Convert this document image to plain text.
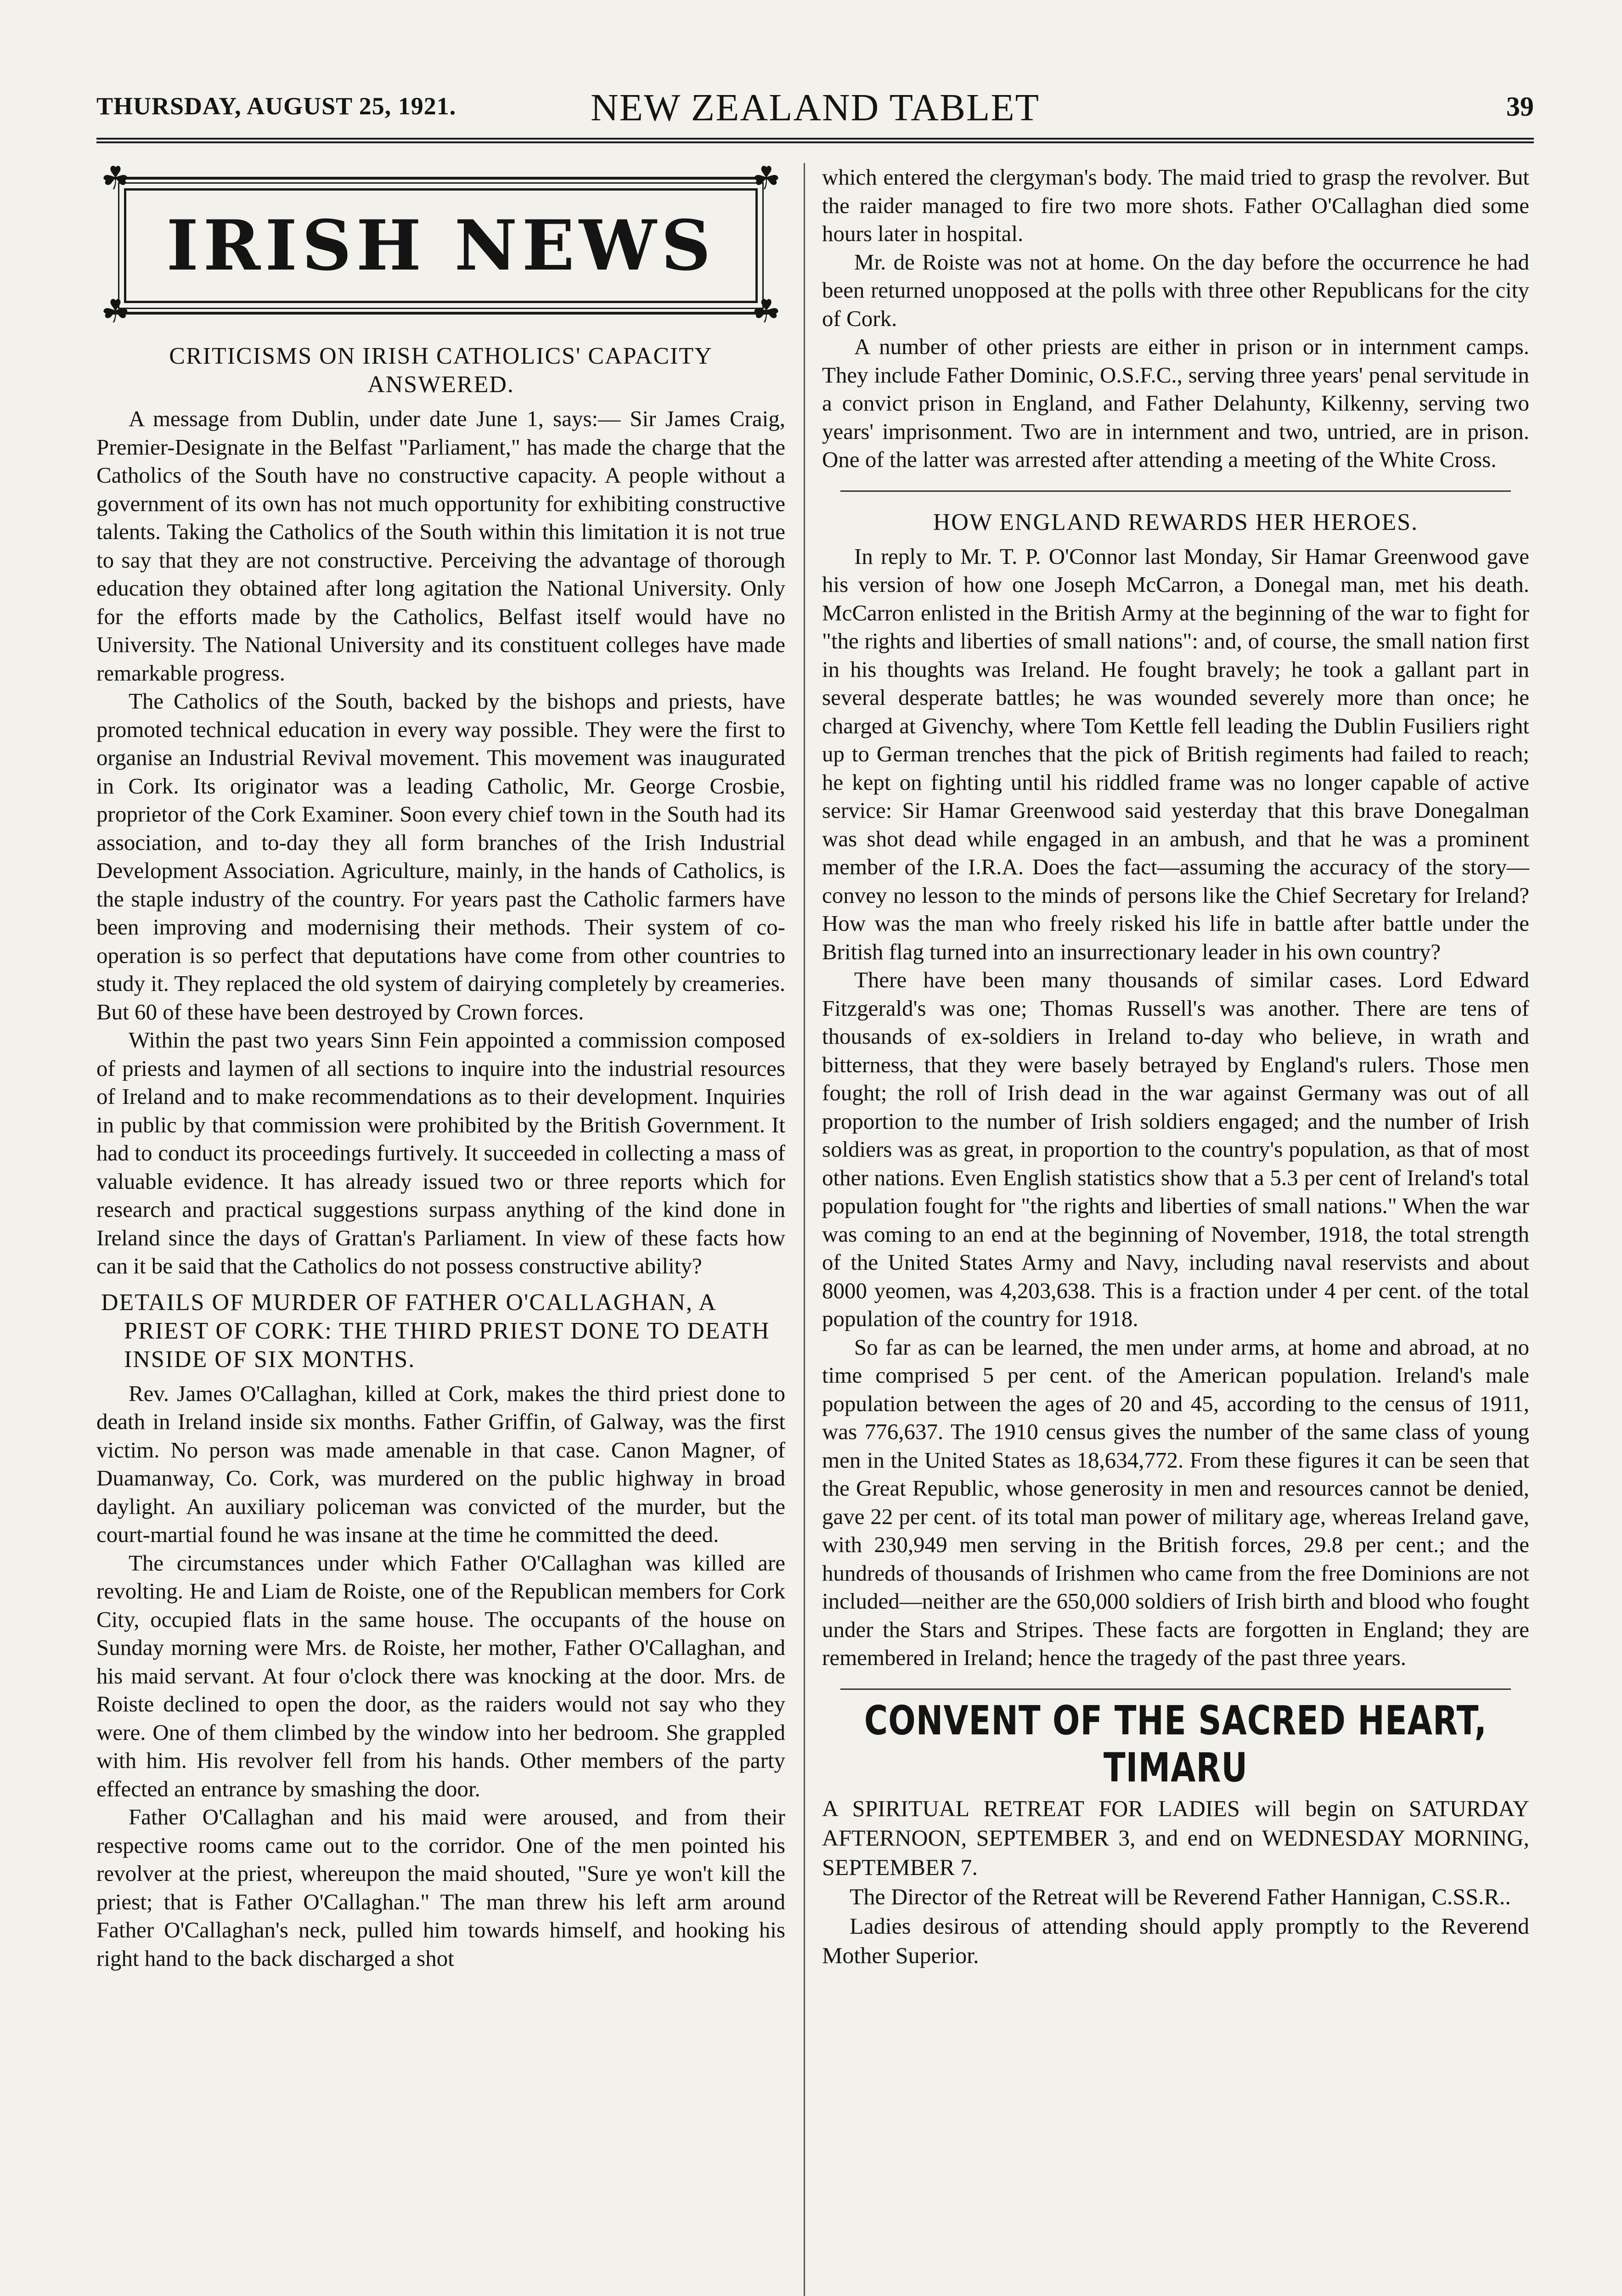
THURSDAY, AUGUST 25, 1921.	NEW ZEALAND TABLET	39
☘	☘
☘	☘
IRISH NEWS
CRITICISMS ON IRISH CATHOLICS' CAPACITY ANSWERED.

A message from Dublin, under date June 1, says:— Sir James Craig, Premier-Designate in the Belfast "Parliament," has made the charge that the Catholics of the South have no constructive capacity. A people without a government of its own has not much opportunity for exhibiting constructive talents. Taking the Catholics of the South within this limitation it is not true to say that they are not constructive. Perceiving the advantage of thorough education they obtained after long agitation the National University. Only for the efforts made by the Catholics, Belfast itself would have no University. The National University and its constituent colleges have made remarkable progress.

The Catholics of the South, backed by the bishops and priests, have promoted technical education in every way possible. They were the first to organise an Industrial Revival movement. This movement was inaugurated in Cork. Its originator was a leading Catholic, Mr. George Crosbie, proprietor of the Cork Examiner. Soon every chief town in the South had its association, and to-day they all form branches of the Irish Industrial Development Association. Agriculture, mainly, in the hands of Catholics, is the staple industry of the country. For years past the Catholic farmers have been improving and modernising their methods. Their system of co-operation is so perfect that deputations have come from other countries to study it. They replaced the old system of dairying completely by creameries. But 60 of these have been destroyed by Crown forces.

Within the past two years Sinn Fein appointed a commission composed of priests and laymen of all sections to inquire into the industrial resources of Ireland and to make recommendations as to their development. Inquiries in public by that commission were prohibited by the British Government. It had to conduct its proceedings furtively. It succeeded in collecting a mass of valuable evidence. It has already issued two or three reports which for research and practical suggestions surpass anything of the kind done in Ireland since the days of Grattan's Parliament. In view of these facts how can it be said that the Catholics do not possess constructive ability?

DETAILS OF MURDER OF FATHER O'CALLAGHAN, A PRIEST OF CORK: THE THIRD PRIEST DONE TO DEATH INSIDE OF SIX MONTHS.

Rev. James O'Callaghan, killed at Cork, makes the third priest done to death in Ireland inside six months. Father Griffin, of Galway, was the first victim. No person was made amenable in that case. Canon Magner, of Duamanway, Co. Cork, was murdered on the public highway in broad daylight. An auxiliary policeman was convicted of the murder, but the court-martial found he was insane at the time he committed the deed.

The circumstances under which Father O'Callaghan was killed are revolting. He and Liam de Roiste, one of the Republican members for Cork City, occupied flats in the same house. The occupants of the house on Sunday morning were Mrs. de Roiste, her mother, Father O'Callaghan, and his maid servant. At four o'clock there was knocking at the door. Mrs. de Roiste declined to open the door, as the raiders would not say who they were. One of them climbed by the window into her bedroom. She grappled with him. His revolver fell from his hands. Other members of the party effected an entrance by smashing the door.

Father O'Callaghan and his maid were aroused, and from their respective rooms came out to the corridor. One of the men pointed his revolver at the priest, whereupon the maid shouted, "Sure ye won't kill the priest; that is Father O'Callaghan." The man threw his left arm around Father O'Callaghan's neck, pulled him towards himself, and hooking his right hand to the back discharged a shot

which entered the clergyman's body. The maid tried to grasp the revolver. But the raider managed to fire two more shots. Father O'Callaghan died some hours later in hospital.

Mr. de Roiste was not at home. On the day before the occurrence he had been returned unopposed at the polls with three other Republicans for the city of Cork.

A number of other priests are either in prison or in internment camps. They include Father Dominic, O.S.F.C., serving three years' penal servitude in a convict prison in England, and Father Delahunty, Kilkenny, serving two years' imprisonment. Two are in internment and two, untried, are in prison. One of the latter was arrested after attending a meeting of the White Cross.

HOW ENGLAND REWARDS HER HEROES.

In reply to Mr. T. P. O'Connor last Monday, Sir Hamar Greenwood gave his version of how one Joseph McCarron, a Donegal man, met his death. McCarron enlisted in the British Army at the beginning of the war to fight for "the rights and liberties of small nations": and, of course, the small nation first in his thoughts was Ireland. He fought bravely; he took a gallant part in several desperate battles; he was wounded severely more than once; he charged at Givenchy, where Tom Kettle fell leading the Dublin Fusiliers right up to German trenches that the pick of British regiments had failed to reach; he kept on fighting until his riddled frame was no longer capable of active service: Sir Hamar Greenwood said yesterday that this brave Donegalman was shot dead while engaged in an ambush, and that he was a prominent member of the I.R.A. Does the fact—assuming the accuracy of the story—convey no lesson to the minds of persons like the Chief Secretary for Ireland? How was the man who freely risked his life in battle after battle under the British flag turned into an insurrectionary leader in his own country?

There have been many thousands of similar cases. Lord Edward Fitzgerald's was one; Thomas Russell's was another. There are tens of thousands of ex-soldiers in Ireland to-day who believe, in wrath and bitterness, that they were basely betrayed by England's rulers. Those men fought; the roll of Irish dead in the war against Germany was out of all proportion to the number of Irish soldiers engaged; and the number of Irish soldiers was as great, in proportion to the country's population, as that of most other nations. Even English statistics show that a 5.3 per cent of Ireland's total population fought for "the rights and liberties of small nations." When the war was coming to an end at the beginning of November, 1918, the total strength of the United States Army and Navy, including naval reservists and about 8000 yeomen, was 4,203,638. This is a fraction under 4 per cent. of the total population of the country for 1918.

So far as can be learned, the men under arms, at home and abroad, at no time comprised 5 per cent. of the American population. Ireland's male population between the ages of 20 and 45, according to the census of 1911, was 776,637. The 1910 census gives the number of the same class of young men in the United States as 18,634,772. From these figures it can be seen that the Great Republic, whose generosity in men and resources cannot be denied, gave 22 per cent. of its total man power of military age, whereas Ireland gave, with 230,949 men serving in the British forces, 29.8 per cent.; and the hundreds of thousands of Irishmen who came from the free Dominions are not included—neither are the 650,000 soldiers of Irish birth and blood who fought under the Stars and Stripes. These facts are forgotten in England; they are remembered in Ireland; hence the tragedy of the past three years.

CONVENT OF THE SACRED HEART, TIMARU
A SPIRITUAL RETREAT FOR LADIES will begin on SATURDAY AFTERNOON, SEPTEMBER 3, and end on WEDNESDAY MORNING, SEPTEMBER 7.
The Director of the Retreat will be Reverend Father Hannigan, C.SS.R..
Ladies desirous of attending should apply promptly to the Reverend Mother Superior.
